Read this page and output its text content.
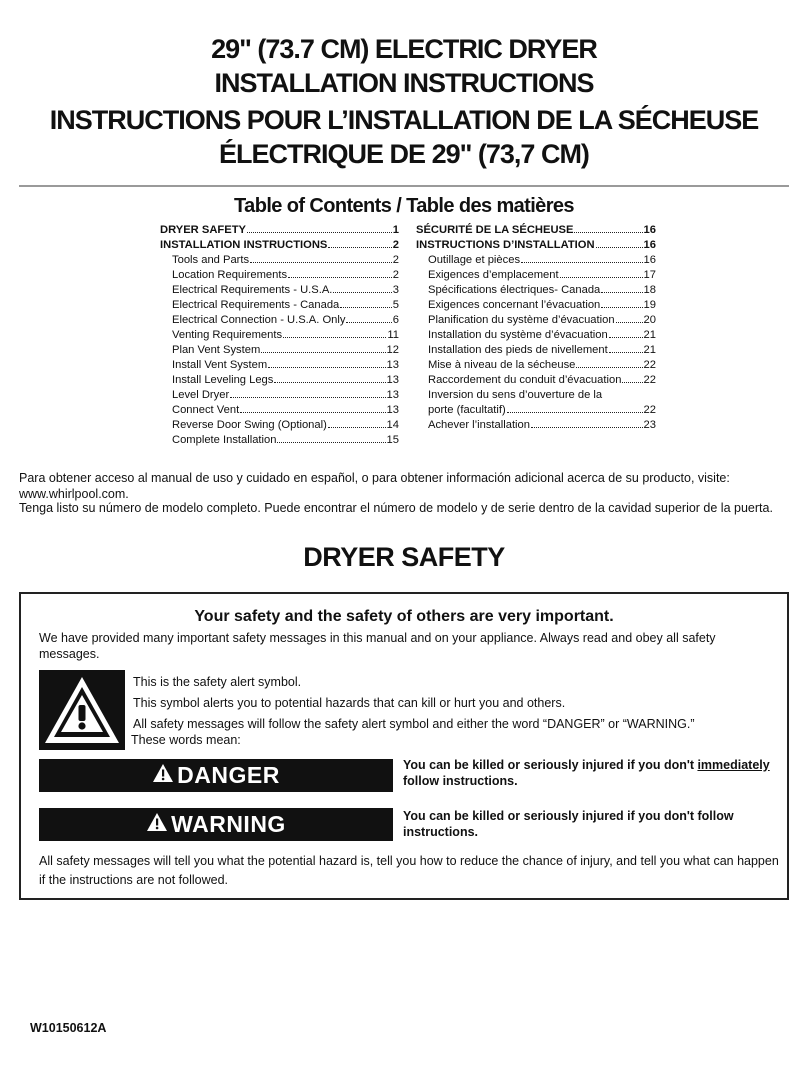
29" (73.7 CM) ELECTRIC DRYER
INSTALLATION INSTRUCTIONS
INSTRUCTIONS POUR L’INSTALLATION DE LA SÉCHEUSE
ÉLECTRIQUE DE 29" (73,7 CM)
Table of Contents / Table des matières
DRYER SAFETY	1
INSTALLATION INSTRUCTIONS	2
Tools and Parts	2
Location Requirements	2
Electrical Requirements - U.S.A.	3
Electrical Requirements - Canada	5
Electrical Connection - U.S.A. Only	6
Venting Requirements	11
Plan Vent System	12
Install Vent System	13
Install Leveling Legs	13
Level Dryer	13
Connect Vent	13
Reverse Door Swing (Optional)	14
Complete Installation	15
SÉCURITÉ DE LA SÉCHEUSE	16
INSTRUCTIONS D’INSTALLATION	16
Outillage et pièces	16
Exigences d’emplacement	17
Spécifications électriques- Canada	18
Exigences concernant l’évacuation	19
Planification du système d’évacuation	20
Installation du système d’évacuation	21
Installation des pieds de nivellement	21
Mise à niveau de la sécheuse	22
Raccordement du conduit d’évacuation 22
Inversion du sens d’ouverture de la
porte (facultatif)	22
Achever l’installation	23

Para obtener acceso al manual de uso y cuidado en español, o para obtener información adicional acerca de su producto, visite: www.whirlpool.com.

Tenga listo su número de modelo completo. Puede encontrar el número de modelo y de serie dentro de la cavidad superior de la puerta.

DRYER SAFETY
Your safety and the safety of others are very important.

We have provided many important safety messages in this manual and on your appliance. Always read and obey all safety messages.

This is the safety alert symbol.

This symbol alerts you to potential hazards that can kill or hurt you and others.

All safety messages will follow the safety alert symbol and either the word “DANGER” or “WARNING.”

These words mean:

DANGER	You can be killed or seriously injured if you don't immediately follow instructions.

WARNING	You can be killed or seriously injured if you don't follow instructions.

All safety messages will tell you what the potential hazard is, tell you how to reduce the chance of injury, and tell you what can happen if the instructions are not followed.

W10150612A
